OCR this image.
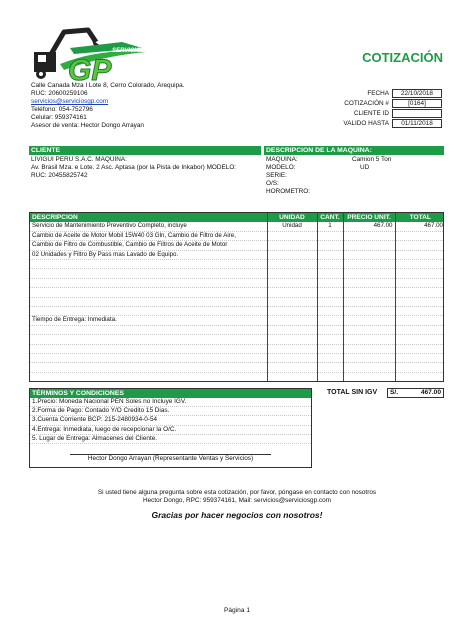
GP
SERVICIOS	COTIZACIÓN
Calle Canada Mza I Lote 8, Cerro Colorado, Arequipa.
RUC: 20600259106
servicios@serviciosgp.com
Teléfono: 054-752796
Celular: 959374161
Asesor de venta: Hector Dongo Arrayan
FECHA	22/10/2018
COTIZACIÓN #	[0164]
CLIENTE ID
VALIDO HASTA	01/11/2018
CLIENTE
LIVIGUI PERU S.A.C. MAQUINA:
Av. Brasil Mza. e Lote. 2 Asc. Aptasa (por la Pista de Inkabor) MODELO:
RUC: 20455825742
DESCRIPCION DE LA MAQUINA:
MAQUINA:	Camion 5 Ton
MODELO:	UD
SERIE:
O/S:
HOROMETRO:
DESCRIPCION	UNIDAD	CANT.	PRECIO UNIT.	TOTAL
Servicio de Mantenimiento Preventivo Completo, incluye	Unidad	1	467.00	467.00
Cambio de Aceite de Motor Mobil 15W40 03 Gln, Cambio de Filtro de Aire,				
Cambio de Filtro de Combustible, Cambio de Filtros de Aceite de Motor				
02 Unidades y Filtro By Pass mas Lavado de Equipo.				

Tiempo de Entrega: Inmediata.				

TÉRMINOS Y CONDICIONES
1.Precio: Moneda Nacional PEN Soles no Incluye IGV.
2.Forma de Pago: Contado Y/O Credito 15 Dias.
3.Cuenta Corriente BCP: 215-2480934-0-54
4.Entrega: Inmediata, luego de recepcionar la O/C.
5. Lugar de Entrega: Almacenes del Cliente.
Hector Dongo Arrayan (Representante Ventas y Servicios)
TOTAL SIN IGV S/.	467.00
Si usted tiene alguna pregunta sobre esta cotización, por favor, póngase en contacto con nosotros
Hector Dongo, RPC: 959374161, Mail: servicios@serviciosgp.com
Gracias por hacer negocios con nosotros!
Página 1
